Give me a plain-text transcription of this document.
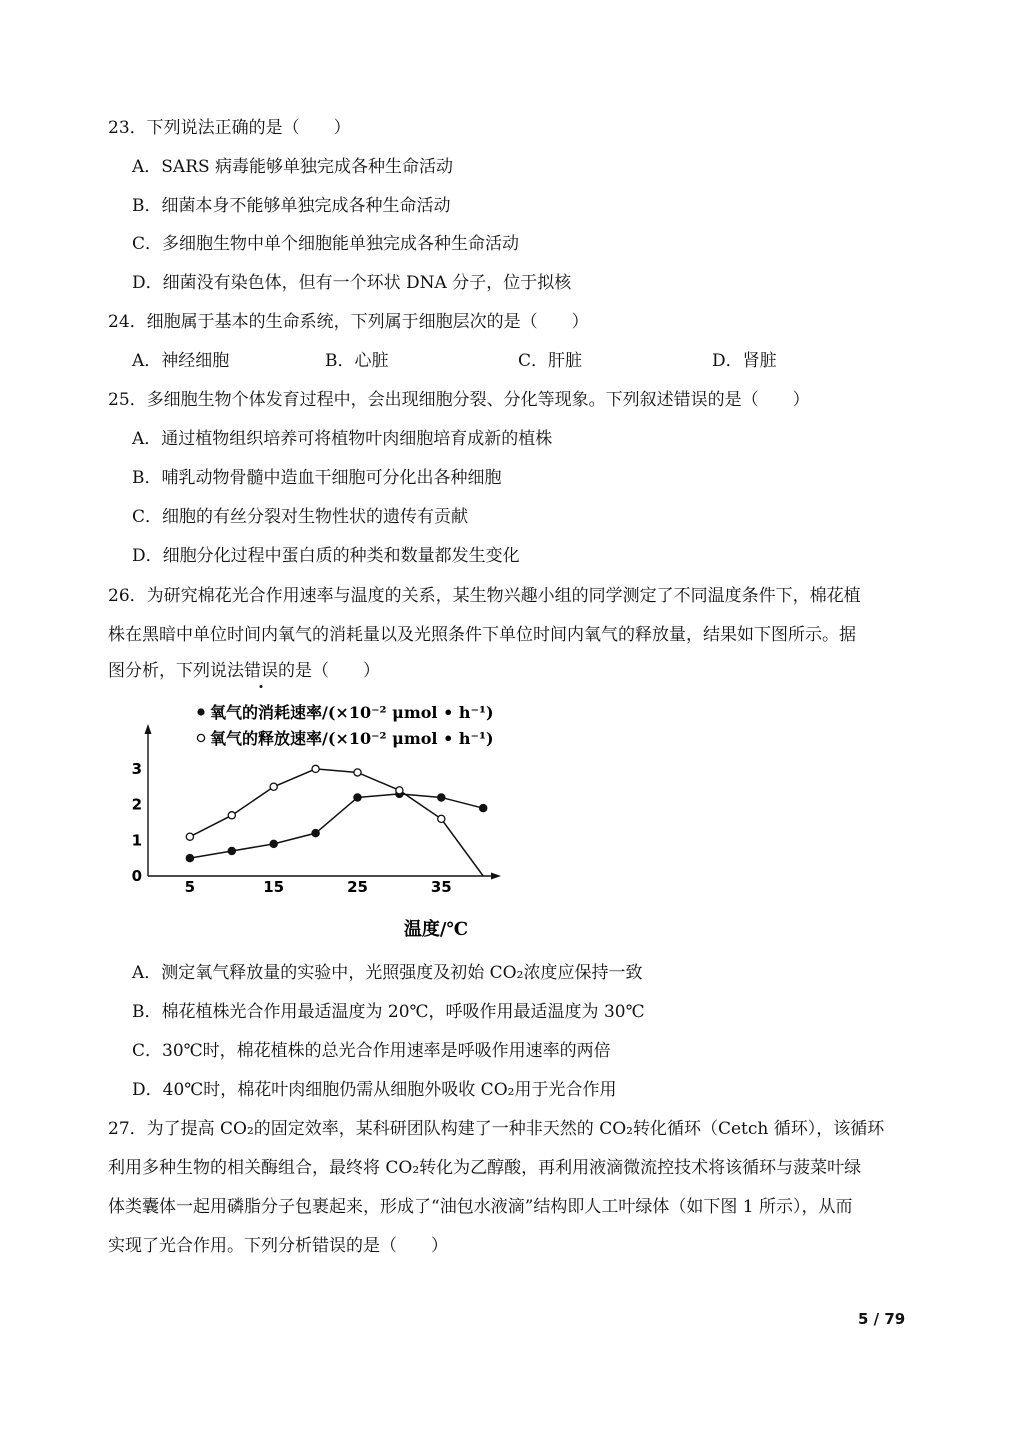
23．下列说法正确的是（　　）
A．SARS 病毒能够单独完成各种生命活动
B．细菌本身不能够单独完成各种生命活动
C．多细胞生物中单个细胞能单独完成各种生命活动
D．细菌没有染色体，但有一个环状 DNA 分子，位于拟核
24．细胞属于基本的生命系统，下列属于细胞层次的是（　　）
A．神经细胞	B．心脏	C．肝脏	D．肾脏
25．多细胞生物个体发育过程中，会出现细胞分裂、分化等现象。下列叙述错误的是（　　）
A．通过植物组织培养可将植物叶肉细胞培育成新的植株
B．哺乳动物骨髓中造血干细胞可分化出各种细胞
C．细胞的有丝分裂对生物性状的遗传有贡献
D．细胞分化过程中蛋白质的种类和数量都发生变化
26．为研究棉花光合作用速率与温度的关系，某生物兴趣小组的同学测定了不同温度条件下，棉花植
株在黑暗中单位时间内氧气的消耗量以及光照条件下单位时间内氧气的释放量，结果如下图所示。据
图分析，下列说法错误的是（　　）
氧气的消耗速率/(×10⁻² μmol • h⁻¹)
氧气的释放速率/(×10⁻² μmol • h⁻¹)
5	15	25	35
0
1
2
3
温度/℃
A．测定氧气释放量的实验中，光照强度及初始 CO₂浓度应保持一致
B．棉花植株光合作用最适温度为 20℃，呼吸作用最适温度为 30℃
C．30℃时，棉花植株的总光合作用速率是呼吸作用速率的两倍
D．40℃时，棉花叶肉细胞仍需从细胞外吸收 CO₂用于光合作用
27．为了提高 CO₂的固定效率，某科研团队构建了一种非天然的 CO₂转化循环（Cetch 循环），该循环
利用多种生物的相关酶组合，最终将 CO₂转化为乙醇酸，再利用液滴微流控技术将该循环与菠菜叶绿
体类囊体一起用磷脂分子包裹起来，形成了“油包水液滴”结构即人工叶绿体（如下图 1 所示），从而
实现了光合作用。下列分析错误的是（　　）
5 / 79
